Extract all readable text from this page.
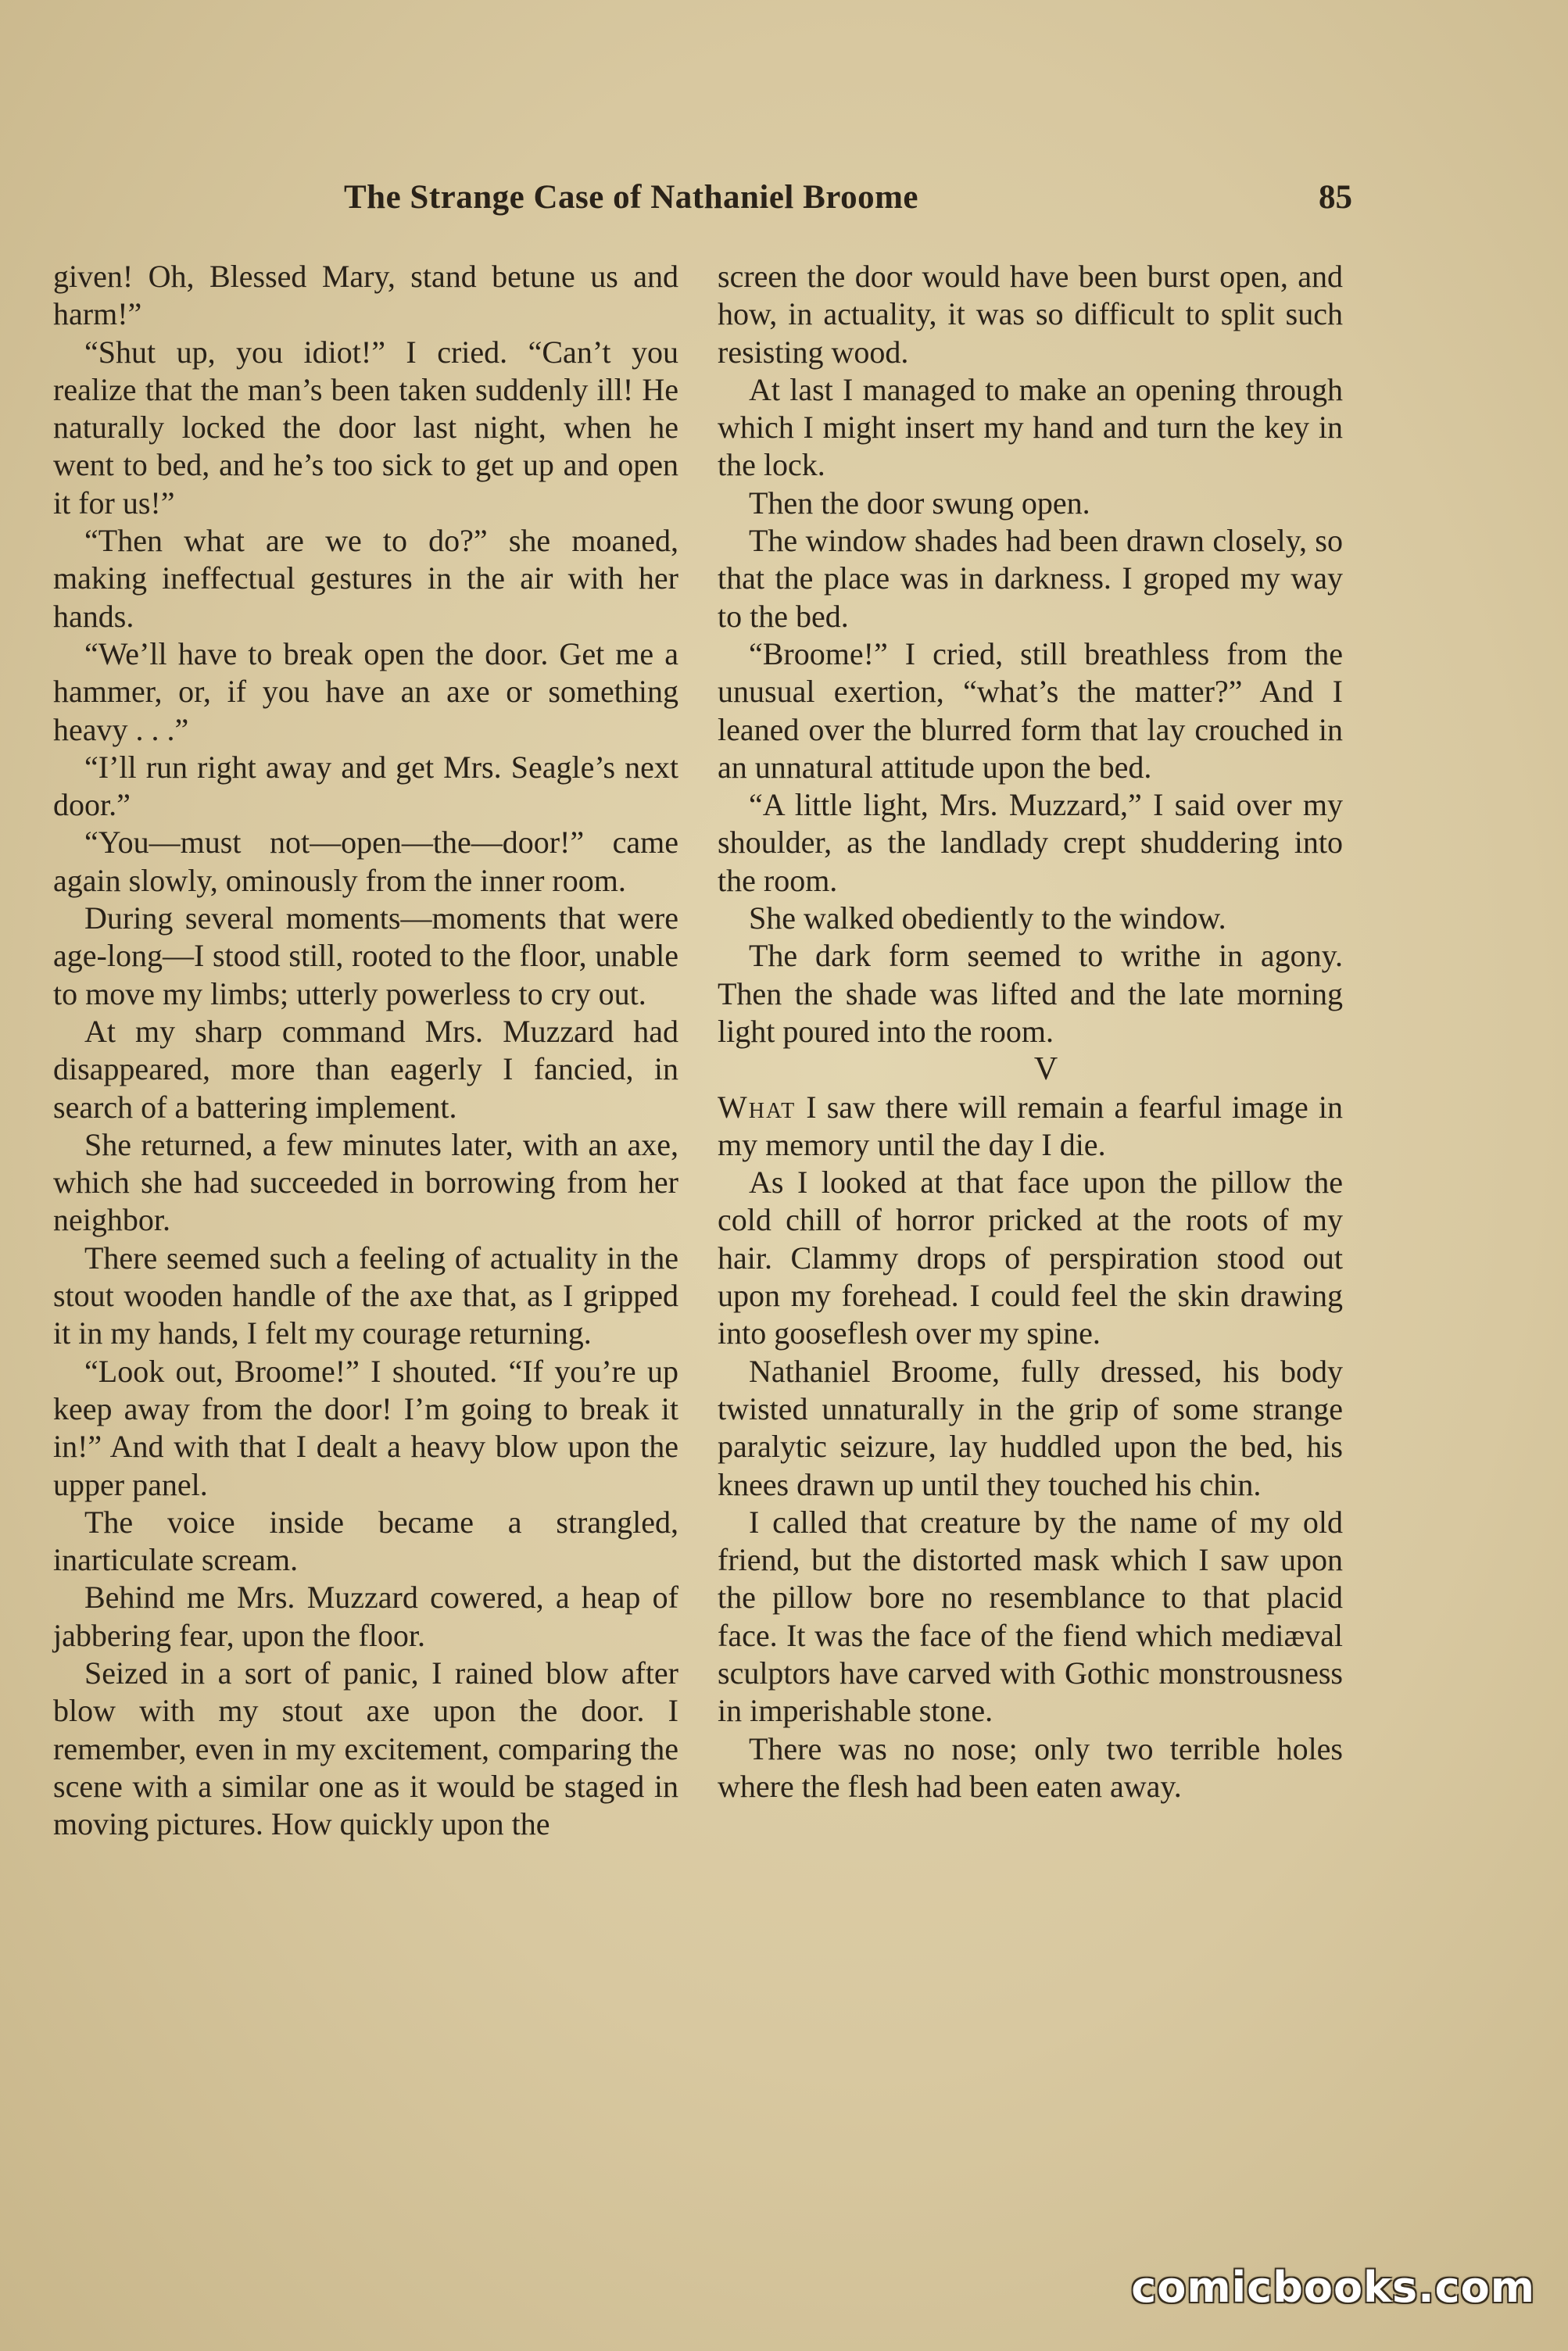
The Strange Case of Nathaniel Broome	85

given! Oh, Blessed Mary, stand betune us and harm!”

“Shut up, you idiot!” I cried. “Can’t you realize that the man’s been taken suddenly ill! He naturally locked the door last night, when he went to bed, and he’s too sick to get up and open it for us!”

“Then what are we to do?” she moaned, making ineffectual gestures in the air with her hands.

“We’ll have to break open the door. Get me a hammer, or, if you have an axe or something heavy . . .”

“I’ll run right away and get Mrs. Seagle’s next door.”

“You—must not—open—the—door!” came again slowly, ominously from the inner room.

During several moments—moments that were age-long—I stood still, rooted to the floor, unable to move my limbs; utterly powerless to cry out.

At my sharp command Mrs. Muzzard had disappeared, more than eagerly I fancied, in search of a battering implement.

She returned, a few minutes later, with an axe, which she had succeeded in borrowing from her neighbor.

There seemed such a feeling of actuality in the stout wooden handle of the axe that, as I gripped it in my hands, I felt my courage returning.

“Look out, Broome!” I shouted. “If you’re up keep away from the door! I’m going to break it in!” And with that I dealt a heavy blow upon the upper panel.

The voice inside became a strangled, inarticulate scream.

Behind me Mrs. Muzzard cowered, a heap of jabbering fear, upon the floor.

Seized in a sort of panic, I rained blow after blow with my stout axe upon the door. I remember, even in my excitement, comparing the scene with a similar one as it would be staged in moving pictures. How quickly upon the

screen the door would have been burst open, and how, in actuality, it was so difficult to split such resisting wood.

At last I managed to make an opening through which I might insert my hand and turn the key in the lock.

Then the door swung open.

The window shades had been drawn closely, so that the place was in darkness. I groped my way to the bed.

“Broome!” I cried, still breathless from the unusual exertion, “what’s the matter?” And I leaned over the blurred form that lay crouched in an unnatural attitude upon the bed.

“A little light, Mrs. Muzzard,” I said over my shoulder, as the landlady crept shuddering into the room.

She walked obediently to the window.

The dark form seemed to writhe in agony. Then the shade was lifted and the late morning light poured into the room.

V

What I saw there will remain a fearful image in my memory until the day I die.

As I looked at that face upon the pillow the cold chill of horror pricked at the roots of my hair. Clammy drops of perspiration stood out upon my forehead. I could feel the skin drawing into gooseflesh over my spine.

Nathaniel Broome, fully dressed, his body twisted unnaturally in the grip of some strange paralytic seizure, lay huddled upon the bed, his knees drawn up until they touched his chin.

I called that creature by the name of my old friend, but the distorted mask which I saw upon the pillow bore no resemblance to that placid face. It was the face of the fiend which mediæval sculptors have carved with Gothic monstrousness in imperishable stone.

There was no nose; only two terrible holes where the flesh had been eaten away.

comicbooks.com
